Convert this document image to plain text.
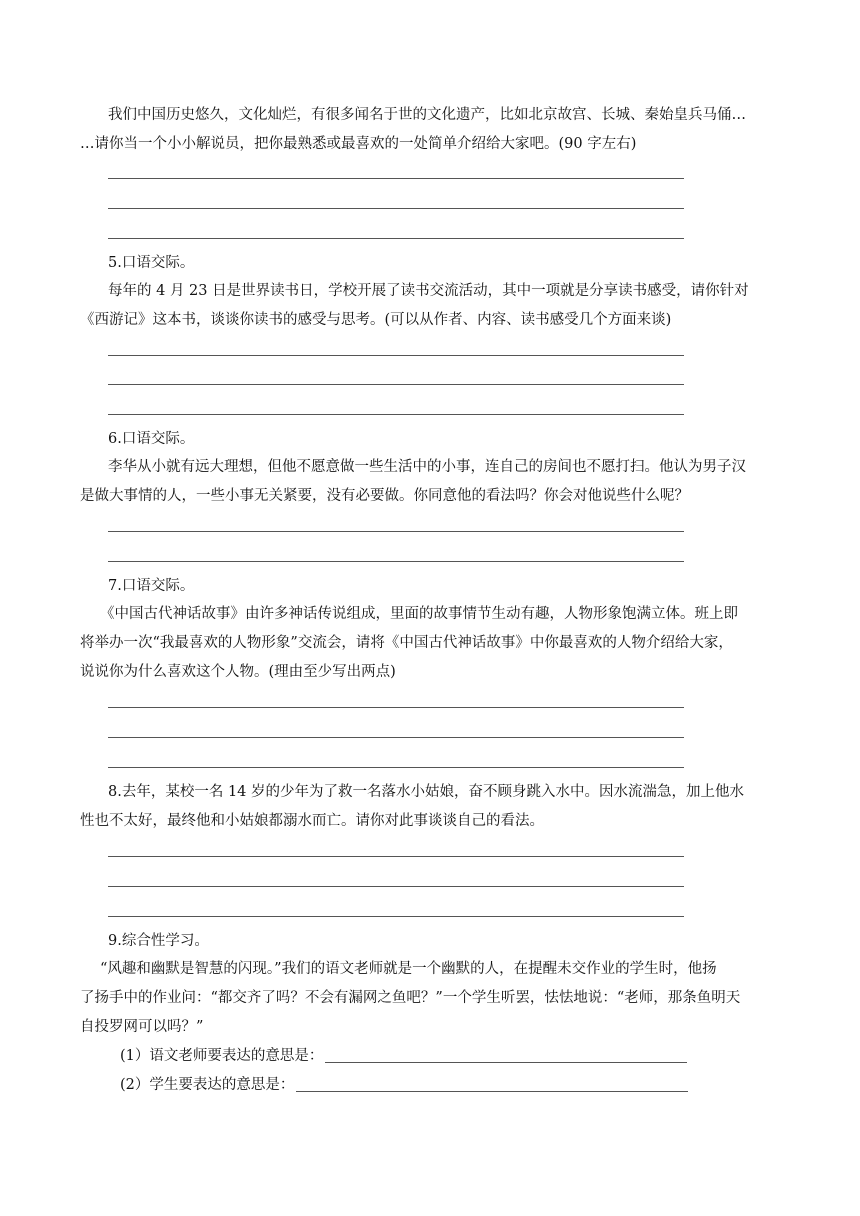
我们中国历史悠久，文化灿烂，有很多闻名于世的文化遗产，比如北京故宫、长城、秦始皇兵马俑…
…请你当一个小小解说员，把你最熟悉或最喜欢的一处简单介绍给大家吧。(90 字左右)
5.口语交际。
每年的 4 月 23 日是世界读书日，学校开展了读书交流活动，其中一项就是分享读书感受，请你针对
《西游记》这本书，谈谈你读书的感受与思考。(可以从作者、内容、读书感受几个方面来谈)
6.口语交际。
李华从小就有远大理想，但他不愿意做一些生活中的小事，连自己的房间也不愿打扫。他认为男子汉
是做大事情的人，一些小事无关紧要，没有必要做。你同意他的看法吗？你会对他说些什么呢？
7.口语交际。
《中国古代神话故事》由许多神话传说组成，里面的故事情节生动有趣，人物形象饱满立体。班上即
将举办一次“我最喜欢的人物形象”交流会，请将《中国古代神话故事》中你最喜欢的人物介绍给大家，
说说你为什么喜欢这个人物。(理由至少写出两点)
8.去年，某校一名 14 岁的少年为了救一名落水小姑娘，奋不顾身跳入水中。因水流湍急，加上他水
性也不太好，最终他和小姑娘都溺水而亡。请你对此事谈谈自己的看法。
9.综合性学习。
“风趣和幽默是智慧的闪现。”我们的语文老师就是一个幽默的人，在提醒未交作业的学生时，他扬
了扬手中的作业问：“都交齐了吗？不会有漏网之鱼吧？”一个学生听罢，怯怯地说：“老师，那条鱼明天
自投罗网可以吗？”
(1）语文老师要表达的意思是：
(2）学生要表达的意思是：
